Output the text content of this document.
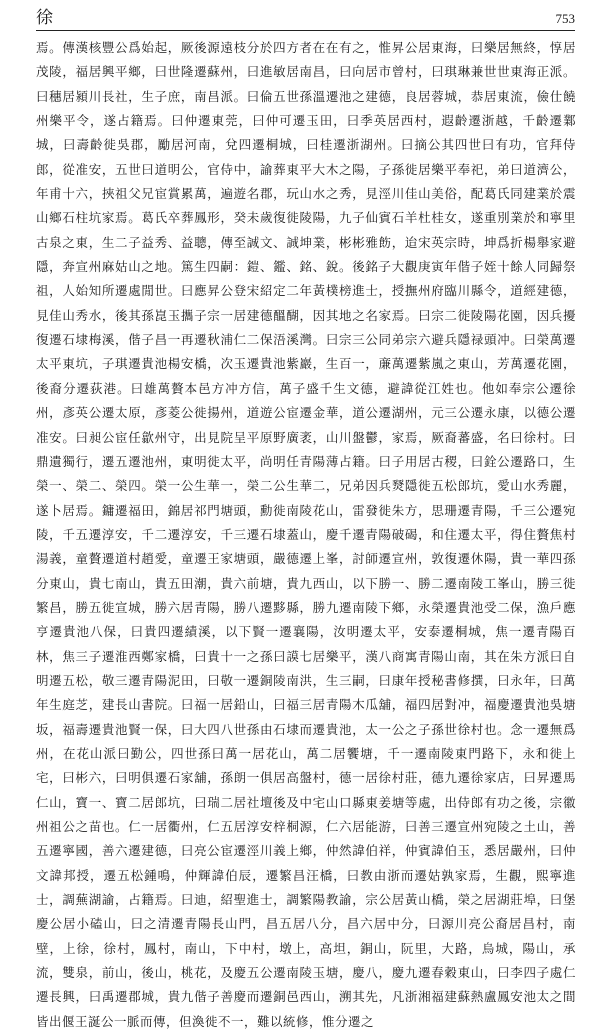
徐	753

焉。傳漢核豐公爲始起，厥後源遠枝分於四方者在在有之，惟昇公居東海，曰樂居無終，惇居茂陵，福居興平鄉，曰世隆遷蘇州，曰進敏居南昌，曰向居市曾村，曰琪琳兼世世東海正派。曰穗居潁川長社，生子庶，南昌派。曰倫五世孫溫遷池之建德，良居蓉城，恭居東流，儉仕饒州樂平令，遂占籍焉。曰仲遷東莞，曰仲可遷玉田，曰季英居西村，遐齡遷浙越，千齡遷鄴城，曰壽齡徙吳郡，勵居河南，兌四遷桐城，曰桂遷浙湖州。曰摘公其四世曰有功，官拜侍郎，從准安，五世曰道明公，官侍中，諭葬東平大木之陽，子孫徙居樂平奉祀，弟曰道濟公，年甫十六，挾祖父兄宦賞累萬，遍遊名郡，玩山水之秀，見涇川佳山美俗，配葛氏同建業於震山鄉石柱坑家焉。葛氏卒葬鳳形，癸未歲復徙陵陽，九子仙賓石羊杜桂女，遂重別業於和寧里古泉之東，生二子益秀、益聰，傳至誠文、誠坤業，彬彬雅飭，迨宋英宗時，坤爲折楊舉家避隱，奔宣州麻姑山之地。篤生四嗣：鎧、鑑、銘、銳。後銘子大觀庚寅年偕子姪十餘人同歸祭祖，人始知所遷處閒世。曰應昇公登宋紹定二年黃樸榜進士，授撫州府臨川縣令，道經建德，見佳山秀水，後其孫崑玉攜子宗一居建德醞醐，因其地之名家焉。曰宗二徙陵陽花園，因兵擾復遷石埭梅溪，偕子昌一再遷秋浦仁二保浯溪灣。曰宗三公同弟宗六避兵隱禄頭冲。曰榮萬遷太平東坑，子琪遷貴池楊安橋，次玉遷貴池紫巖，生百一，亷萬遷紫嵐之東山，芳萬遷花園，後裔分遷荻港。曰雄萬贅本邑方冲方信，萬子盛千生文德，避諱從江姓也。他如奉宗公遷徐州，彥英公遷太原，彥菱公徙揚州，道遊公宦遷金華，道公遷湖州，元三公遷永康，以德公遷准安。曰昶公宦任歙州守，出見院呈平原野廣袤，山川盤鬱，家焉，厥裔蕃盛，名曰徐村。曰鼎遺獨行，遷五遷池州，東明徙太平，尚明任青陽薄占籍。曰子用居古稷，曰銓公遷路口，生榮一、榮二、榮四。榮一公生華一，榮二公生華二，兄弟因兵燹隱徙五松郎坑，愛山水秀麗，遂卜居焉。鏞遷福田，錦居祁門塘頭，勳徙南陵花山，雷發徙朱方，思珊遷青陽，千三公遷宛陵，千五遷淳安，千二遷淳安，千三遷石埭蓋山，慶千遷青陽破碣，和住遷太平，得住贅焦村湯義，童贅遷道村趙愛，童遷王家塘頭，嚴德遷上峯，討師遷宣州，敦復遷休陽，貴一華四孫分東山，貴七南山，貴五田潮，貴六前塘，貴九西山，以下勝一、勝二遷南陵工峯山，勝三徙繁昌，勝五徙宣城，勝六居青陽，勝八遷黟縣，勝九遷南陵下鄉，永榮遷貴池受二保，漁戶應亨遷貴池八保，曰貴四遷績溪，以下賢一遷襄陽，汝明遷太平，安泰遷桐城，焦一遷青陽百林，焦三子遷淮西鄭家橋，曰貴十一之孫曰謨七居樂平，漢八商寓青陽山南，其在朱方派曰自明遷五松，敬三遷青陽泥田，曰敬一遷銅陵南洪，生三嗣，曰康年授秘書修撰，曰永年，曰萬年生庭芝，建長山書院。曰福一居鉛山，曰福三居青陽木瓜舖，福四居對冲，福慶遷貴池吳塘坂，福壽遷貴池賢一保，曰大四八世孫由石埭而遷貴池，太一公之子孫世徐村也。念一遷無爲州，在花山派曰勤公，四世孫曰萬一居花山，萬二居饗塘，千一遷南陵東門路下，永和徙上宅，曰彬六，曰明俱遷石家舖，孫朗一俱居高盤村，德一居徐村莊，德九遷徐家店，曰昇遷馬仁山，寶一、寶二居郎坑，曰瑞二居社壇後及中宅山口縣東姜塘等處，出侍郎有功之後，宗徽州祖公之苗也。仁一居衢州，仁五居淳安梓桐源，仁六居能游，曰善三遷宣州宛陵之土山，善五遷寧國，善六遷建德，曰亮公宦遷涇川義上鄉，仲然諱伯祥，仲賓諱伯玉，悉居嚴州，曰仲文諱邦授，遷五松鍾鳴，仲輝諱伯辰，遷繁昌汪橋，曰教由浙而遷姑孰家焉，生觀，熙寧進士，調蕪湖諭，占籍焉。曰迪，紹聖進士，調繁陽教諭，宗公居黃山橋，榮之居湖莊埠，曰堡慶公居小磕山，曰之清遷青陽長山門，昌五居八分，昌六居中分，曰源川亮公裔居昌村，南壁，上徐，徐村，鳳村，南山，下中村，墩上，高坦，銅山，阮里，大路，烏城，陽山，承流，雙泉，前山，後山，桃花，及慶五公遷南陵玉塘，慶八，慶九遷春穀東山，曰李四子處仁遷長興，曰禹遷郡城，貴九偕子善慶而遷銅邑西山，溯其先，凡浙湘福建蘇熱盧鳳安池太之間皆出偃王誕公一脈而傳，但渙徙不一，難以統修，惟分遷之
